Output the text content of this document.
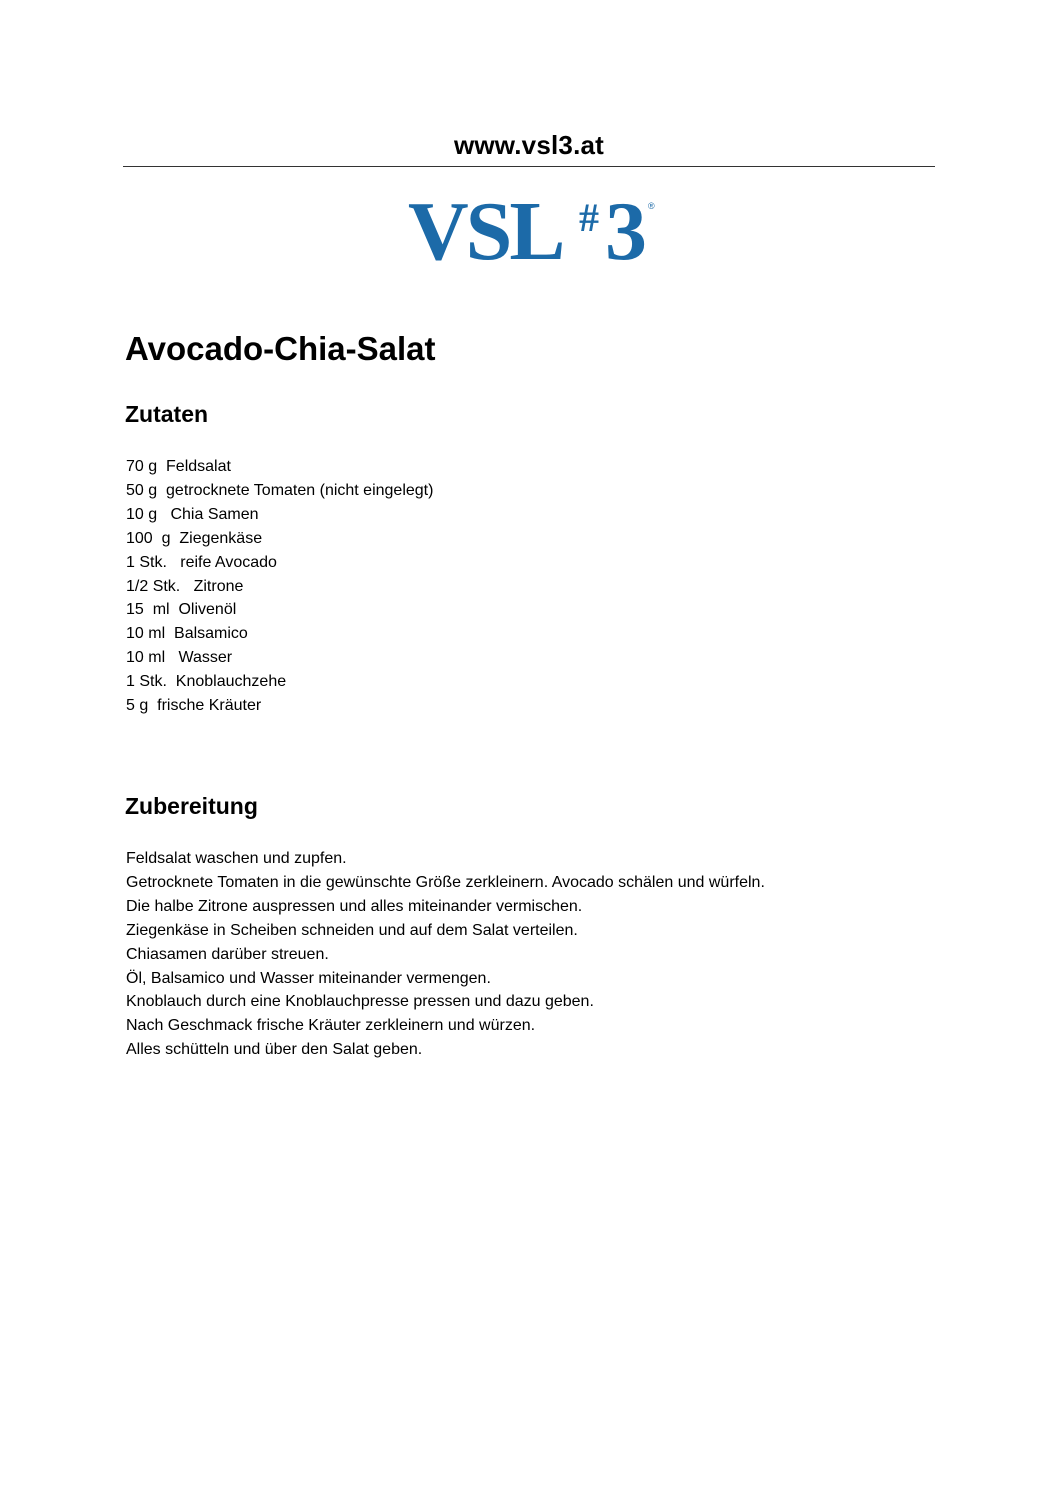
www.vsl3.at
VSL # 3 ®
Avocado-Chia-Salat
Zutaten
70 g  Feldsalat
50 g  getrocknete Tomaten (nicht eingelegt)
10 g   Chia Samen
100  g  Ziegenkäse
1 Stk.   reife Avocado
1/2 Stk.   Zitrone
15  ml  Olivenöl
10 ml  Balsamico
10 ml   Wasser
1 Stk.  Knoblauchzehe
5 g  frische Kräuter
Zubereitung
Feldsalat waschen und zupfen.
Getrocknete Tomaten in die gewünschte Größe zerkleinern. Avocado schälen und würfeln.
Die halbe Zitrone auspressen und alles miteinander vermischen.
Ziegenkäse in Scheiben schneiden und auf dem Salat verteilen.
Chiasamen darüber streuen.
Öl, Balsamico und Wasser miteinander vermengen.
Knoblauch durch eine Knoblauchpresse pressen und dazu geben.
Nach Geschmack frische Kräuter zerkleinern und würzen.
Alles schütteln und über den Salat geben.
